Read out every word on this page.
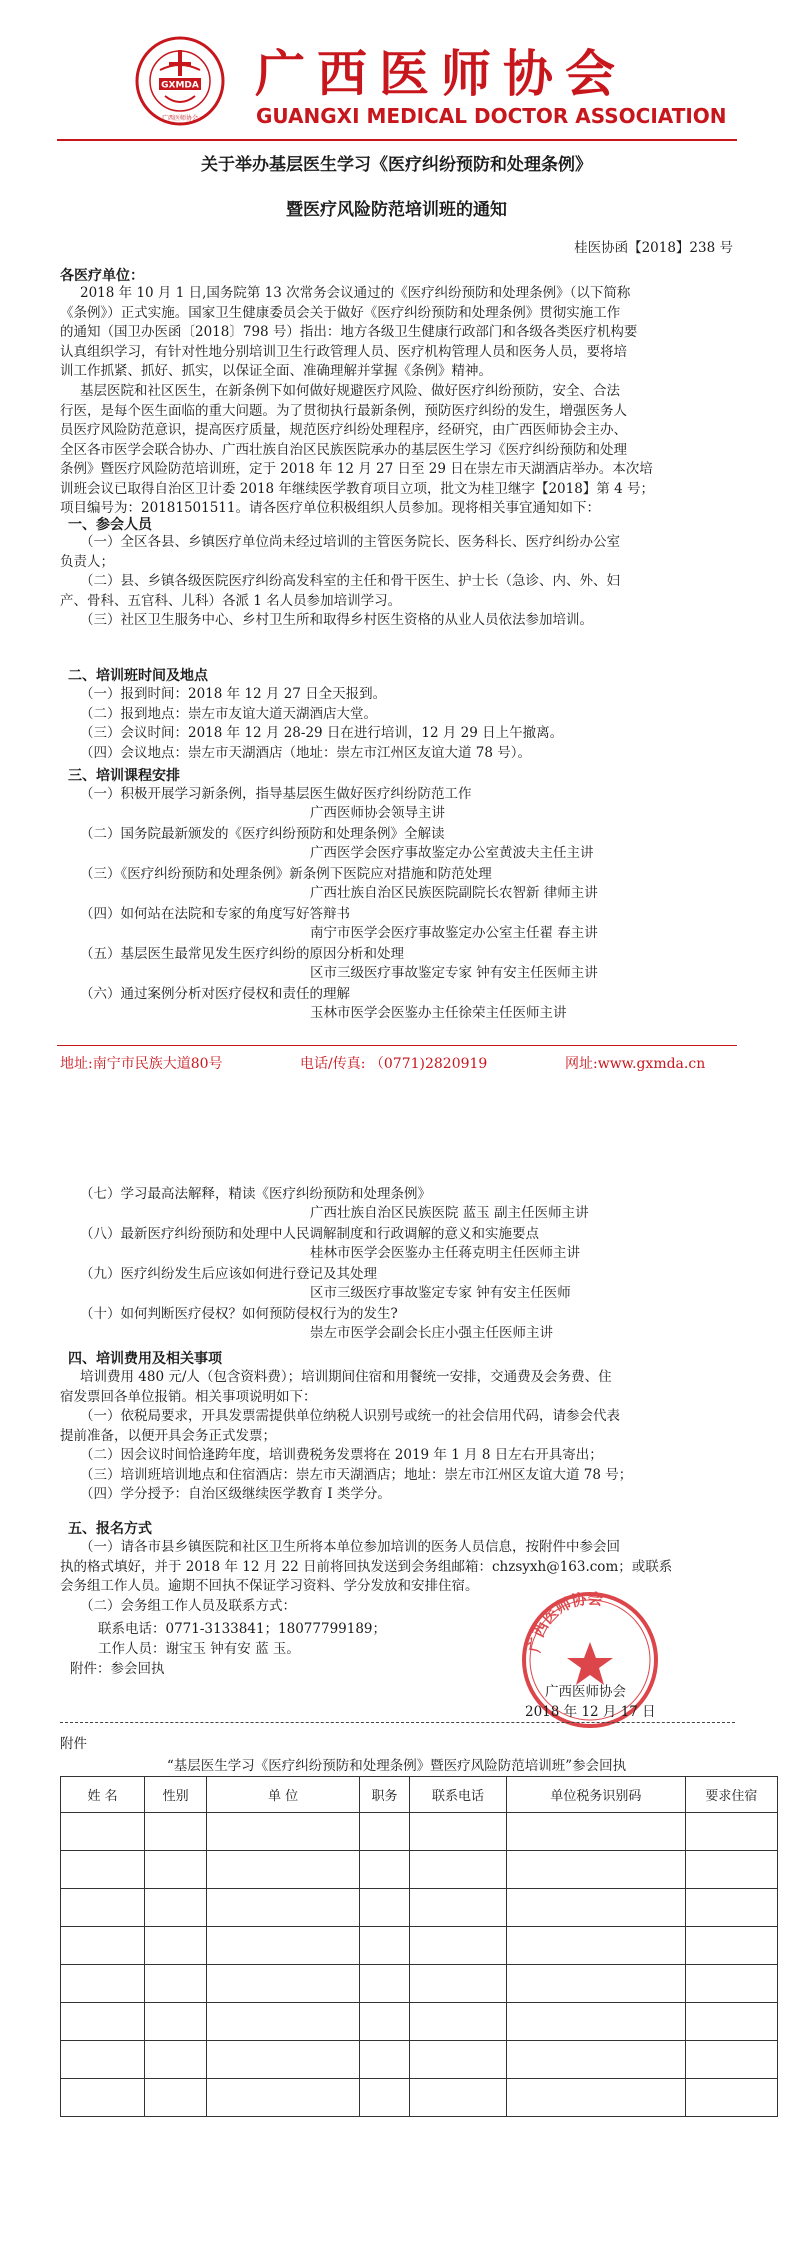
GXMDA
广西医师协会
广西医师协会
GUANGXI MEDICAL DOCTOR ASSOCIATION
关于举办基层医生学习《医疗纠纷预防和处理条例》
暨医疗风险防范培训班的通知
桂医协函【2018】238 号
各医疗单位：
2018 年 10 月 1 日,国务院第 13 次常务会议通过的《医疗纠纷预防和处理条例》（以下简称
《条例》）正式实施。国家卫生健康委员会关于做好《医疗纠纷预防和处理条例》贯彻实施工作
的通知（国卫办医函〔2018〕798 号）指出：地方各级卫生健康行政部门和各级各类医疗机构要
认真组织学习，有针对性地分别培训卫生行政管理人员、医疗机构管理人员和医务人员，要将培
训工作抓紧、抓好、抓实，以保证全面、准确理解并掌握《条例》精神。
基层医院和社区医生，在新条例下如何做好规避医疗风险、做好医疗纠纷预防，安全、合法
行医，是每个医生面临的重大问题。为了贯彻执行最新条例，预防医疗纠纷的发生，增强医务人
员医疗风险防范意识，提高医疗质量，规范医疗纠纷处理程序，经研究，由广西医师协会主办、
全区各市医学会联合协办、广西壮族自治区民族医院承办的基层医生学习《医疗纠纷预防和处理
条例》暨医疗风险防范培训班，定于 2018 年 12 月 27 日至 29 日在崇左市天湖酒店举办。本次培
训班会议已取得自治区卫计委 2018 年继续医学教育项目立项，批文为桂卫继字【2018】第 4 号；
项目编号为：20181501511。请各医疗单位积极组织人员参加。现将相关事宜通知如下：
一、参会人员
（一）全区各县、乡镇医疗单位尚未经过培训的主管医务院长、医务科长、医疗纠纷办公室
负责人；
（二）县、乡镇各级医院医疗纠纷高发科室的主任和骨干医生、护士长（急诊、内、外、妇
产、骨科、五官科、儿科）各派 1 名人员参加培训学习。
（三）社区卫生服务中心、乡村卫生所和取得乡村医生资格的从业人员依法参加培训。
二、培训班时间及地点
（一）报到时间：2018 年 12 月 27 日全天报到。
（二）报到地点：崇左市友谊大道天湖酒店大堂。
（三）会议时间：2018 年 12 月 28-29 日在进行培训，12 月 29 日上午撤离。
（四）会议地点：崇左市天湖酒店（地址：崇左市江州区友谊大道 78 号）。
三、培训课程安排
（一）积极开展学习新条例，指导基层医生做好医疗纠纷防范工作
广西医师协会领导主讲
（二）国务院最新颁发的《医疗纠纷预防和处理条例》全解读
广西医学会医疗事故鉴定办公室黄波夫主任主讲
（三）《医疗纠纷预防和处理条例》新条例下医院应对措施和防范处理
广西壮族自治区民族医院副院长农智新 律师主讲
（四）如何站在法院和专家的角度写好答辩书
南宁市医学会医疗事故鉴定办公室主任翟 春主讲
（五）基层医生最常见发生医疗纠纷的原因分析和处理
区市三级医疗事故鉴定专家 钟有安主任医师主讲
（六）通过案例分析对医疗侵权和责任的理解
玉林市医学会医鉴办主任徐荣主任医师主讲
地址:南宁市民族大道80号	电话/传真: （0771)2820919	网址:www.gxmda.cn
（七）学习最高法解释，精读《医疗纠纷预防和处理条例》
广西壮族自治区民族医院 蓝玉 副主任医师主讲
（八）最新医疗纠纷预防和处理中人民调解制度和行政调解的意义和实施要点
桂林市医学会医鉴办主任蒋克明主任医师主讲
（九）医疗纠纷发生后应该如何进行登记及其处理
区市三级医疗事故鉴定专家 钟有安主任医师
（十）如何判断医疗侵权？如何预防侵权行为的发生?
崇左市医学会副会长庄小强主任医师主讲
四、培训费用及相关事项
培训费用 480 元/人（包含资料费）；培训期间住宿和用餐统一安排，交通费及会务费、住
宿发票回各单位报销。相关事项说明如下：
（一）依税局要求，开具发票需提供单位纳税人识别号或统一的社会信用代码，请参会代表
提前准备，以便开具会务正式发票；
（二）因会议时间恰逢跨年度，培训费税务发票将在 2019 年 1 月 8 日左右开具寄出；
（三）培训班培训地点和住宿酒店：崇左市天湖酒店；地址：崇左市江州区友谊大道 78 号；
（四）学分授予：自治区级继续医学教育 I 类学分。
五、报名方式
（一）请各市县乡镇医院和社区卫生所将本单位参加培训的医务人员信息，按附件中参会回
执的格式填好，并于 2018 年 12 月 22 日前将回执发送到会务组邮箱：chzsyxh@163.com；或联系
会务组工作人员。逾期不回执不保证学习资料、学分发放和安排住宿。
（二）会务组工作人员及联系方式：
联系电话：0771-3133841；18077799189；
工作人员：谢宝玉 钟有安 蓝 玉。
附件：参会回执
广西医师协会
广西医师协会
2018 年 12 月 17 日
附件
“基层医生学习《医疗纠纷预防和处理条例》暨医疗风险防范培训班”参会回执
姓 名	性别	单 位	职务	联系电话	单位税务识别码	要求住宿
